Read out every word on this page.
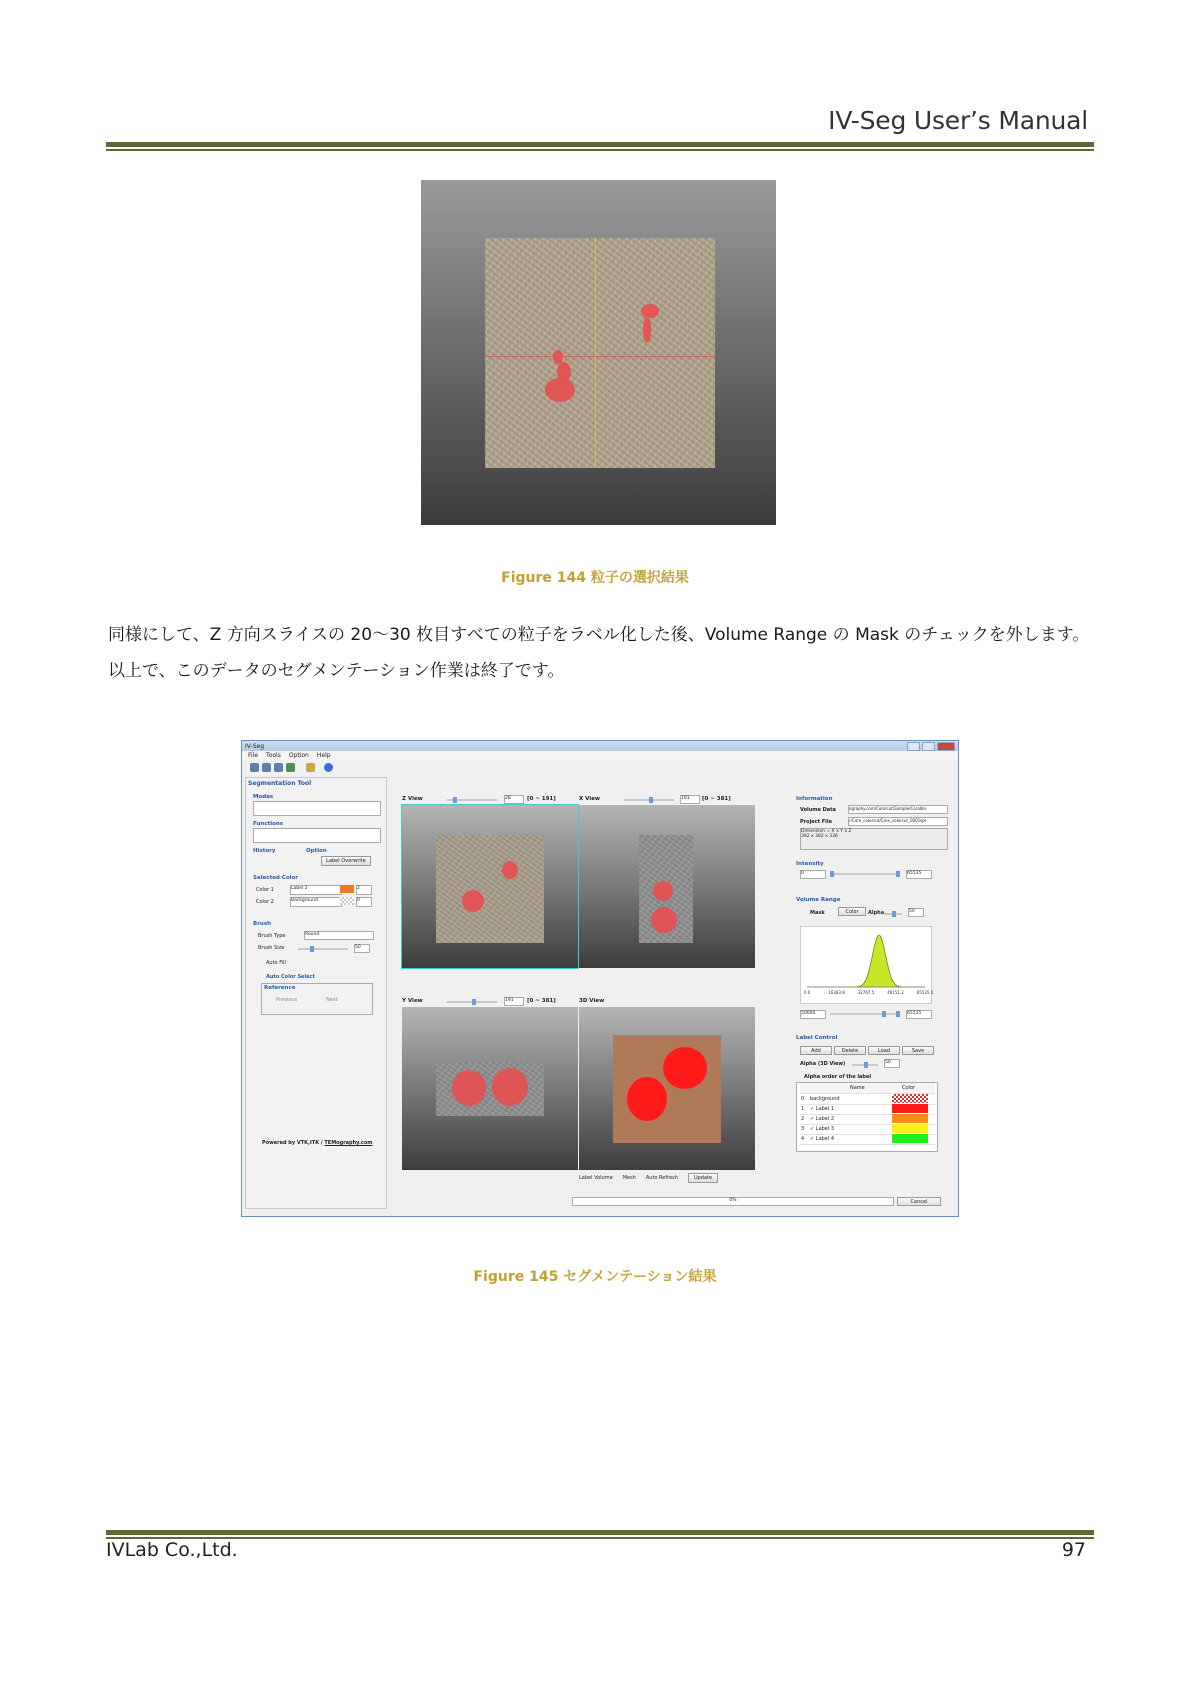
IV-Seg User’s Manual
Figure 144 粒子の選択結果
同様にして、Z 方向スライスの 20～30 枚目すべての粒子をラベル化した後、Volume Range の Mask のチェックを外します。
以上で、このデータのセグメンテーション作業は終了です。
IV-Seg
File Tools Option Help
Segmentation Tool
Modes
Functions
History	Option
Label Overwrite
Selected Color
Color 1	Label 2	2
Color 2	Background	0
Brush
Brush Type	Round
Brush Size	50
Auto Fill
Auto Color Select
Reference
Previous	Next
Powered by VTK,ITK / TEMography.com
Z View	28	[0 ~ 191]	X View	191	[0 ~ 381]
Y View	191	[0 ~ 381]	3D View
Information
Volume Data	ography.com/Colorcut/Sample/Coralbn
Project File	r/Core_colorcut/Core_colorcut_0001spr
Dimension = X x Y x Z
382 x 382 x 336
Intensity
0	65535
Volume Range
Mask	Color	Alpha	50
0.0	16383.8	32767.5	49151.2	65535.0
50000	65535
Label Control
Add	Delete	Load	Save
Alpha (3D View)	50
Alpha order of the label
Name	Color
0 background
1 ✓ Label 1
2 ✓ Label 2
3 ✓ Label 3
4 ✓ Label 4
Label Volume Mesh Auto Refresh	Update
0%	Cancel
Figure 145 セグメンテーション結果
IVLab Co.,Ltd.	97
